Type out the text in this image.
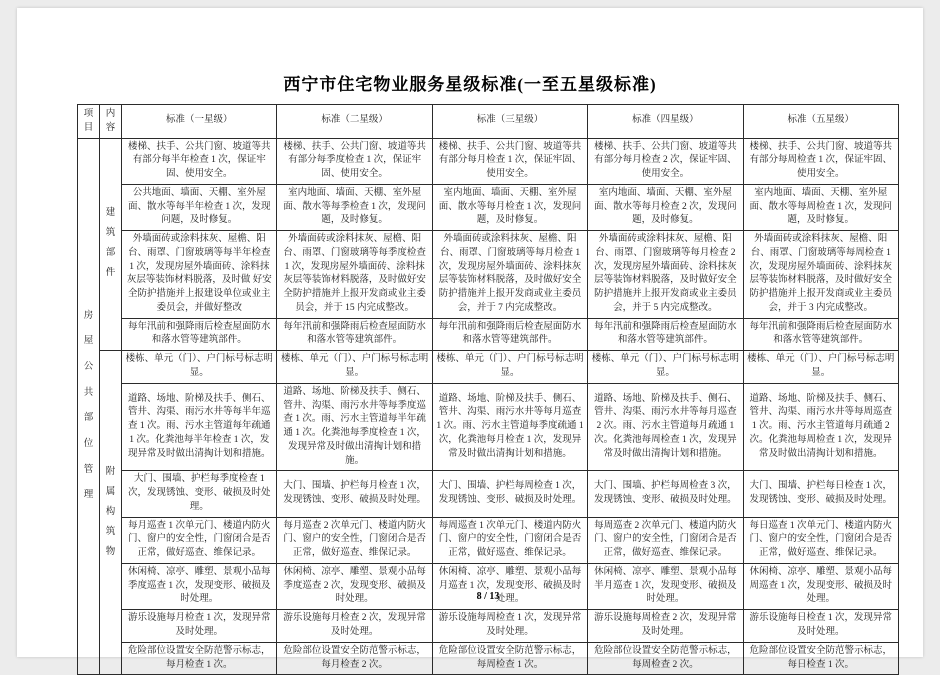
西宁市住宅物业服务星级标准(一至五星级标准)
项目	内容	标准（一星级）	标准（二星级）	标准（三星级）	标准（四星级）	标准（五星级）

房屋公共部位管理	建筑部件	楼梯、扶手、公共门窗、坡道等共有部分每半年检查 1 次，保证牢固、使用安全。	楼梯、扶手、公共门窗、坡道等共有部分每季度检查 1 次，保证牢固、使用安全。	楼梯、扶手、公共门窗、坡道等共有部分每月检查 1 次，保证牢固、使用安全。	楼梯、扶手、公共门窗、坡道等共有部分每月检查 2 次，保证牢固、使用安全。	楼梯、扶手、公共门窗、坡道等共有部分每周检查 1 次，保证牢固、使用安全。
		公共地面、墙面、天棚、室外屋面、散水等每半年检查 1 次，发现问题，及时修复。	室内地面、墙面、天棚、室外屋面、散水等每季检查 1 次，发现问题，及时修复。	室内地面、墙面、天棚、室外屋面、散水等每月检查 1 次，发现问题，及时修复。	室内地面、墙面、天棚、室外屋面、散水等每月检查 2 次，发现问题，及时修复。	室内地面、墙面、天棚、室外屋面、散水等每周检查 1 次，发现问题，及时修复。
		外墙面砖或涂料抹灰、屋檐、阳台、雨罩、门窗玻璃等每半年检查 1 次，发现房屋外墙面砖、涂料抹灰层等装饰材料脱落，及时做 好安全防护措施并上报建设单位或业主委员会，并做好整改	外墙面砖或涂料抹灰、屋檐、阳台、雨罩、门窗玻璃等每季度检查 1 次，发现房屋外墙面砖、涂料抹灰层等装饰材料脱落，及时做好安全防护措施并上报开发商或业主委员会，并于 15 内完成整改。	外墙面砖或涂料抹灰、屋檐、阳台、雨罩、门窗玻璃等每月检查 1 次，发现房屋外墙面砖、涂料抹灰层等装饰材料脱落，及时做好安全防护措施并上报开发商或业主委员会，并于 7 内完成整改。	外墙面砖或涂料抹灰、屋檐、阳台、雨罩、门窗玻璃等每月检查 2 次，发现房屋外墙面砖、涂料抹灰层等装饰材料脱落，及时做好安全防护措施并上报开发商或业主委员会，并于 5 内完成整改。	外墙面砖或涂料抹灰、屋檐、阳台、雨罩、门窗玻璃等每周检查 1 次，发现房屋外墙面砖、涂料抹灰层等装饰材料脱落，及时做好安全防护措施并上报开发商或业主委员会，并于 3 内完成整改。
		每年汛前和强降雨后检查屋面防水和落水管等建筑部件。	每年汛前和强降雨后检查屋面防水和落水管等建筑部件。	每年汛前和强降雨后检查屋面防水和落水管等建筑部件。	每年汛前和强降雨后检查屋面防水和落水管等建筑部件。	每年汛前和强降雨后检查屋面防水和落水管等建筑部件。

	附属构筑物	楼栋、单元（门）、户门标号标志明显。	楼栋、单元（门）、户门标号标志明显。	楼栋、单元（门）、户门标号标志明显。	楼栋、单元（门）、户门标号标志明显。	楼栋、单元（门）、户门标号标志明显。
		道路、场地、阶梯及扶手、侧石、管井、沟渠、雨污水井等每半年巡查 1 次。雨、污水主管道每年疏通 1 次。化粪池每半年检查 1 次，发现异常及时做出清掏计划和措施。	道路、场地、阶梯及扶手、侧石、管井、沟渠、雨污水井等每季度巡查 1 次。雨、污水主管道每半年疏通 1 次。化粪池每季度检查 1 次，发现异常及时做出清掏计划和措施。	道路、场地、阶梯及扶手、侧石、管井、沟渠、雨污水井等每月巡查 1 次。雨、污水主管道每季度疏通 1 次，化粪池每月检查 1 次，发现异常及时做出清掏计划和措施。	道路、场地、阶梯及扶手、侧石、管井、沟渠、雨污水井等每月巡查 2 次。雨、污水主管道每月疏通 1 次。化粪池每周检查 1 次，发现异常及时做出清掏计划和措施。	道路、场地、阶梯及扶手、侧石、管井、沟渠、雨污水井等每周巡查 1 次。雨、污水主管道每月疏通 2 次。化粪池每周检查 1 次，发现异常及时做出清掏计划和措施。
		大门、围墙、护栏每季度检查 1 次，发现锈蚀、变形、破损及时处理。	大门、围墙、护栏每月检查 1 次，发现锈蚀、变形、破损及时处理。	大门、围墙、护栏每周检查 1 次，发现锈蚀、变形、破损及时处理。	大门、围墙、护栏每周检查 3 次，发现锈蚀、变形、破损及时处理。	大门、围墙、护栏每日检查 1 次，发现锈蚀、变形、破损及时处理。
		每月巡查 1 次单元门、楼道内防火门、窗户的安全性，门窗闭合是否正常，做好巡查、维保记录。	每月巡查 2 次单元门、楼道内防火门、窗户的安全性，门窗闭合是否正常，做好巡查、维保记录。	每周巡查 1 次单元门、楼道内防火门、窗户的安全性，门窗闭合是否正常，做好巡查、维保记录。	每周巡查 2 次单元门、楼道内防火门、窗户的安全性，门窗闭合是否正常，做好巡查、维保记录。	每日巡查 1 次单元门、楼道内防火门、窗户的安全性，门窗闭合是否正常，做好巡查、维保记录。
		休闲椅、凉亭、雕塑、景观小品每季度巡查 1 次，发现变形、破损及时处理。	休闲椅、凉亭、雕塑、景观小品每季度巡查 2 次，发现变形、破损及时处理。	休闲椅、凉亭、雕塑、景观小品每月巡查 1 次，发现变形、破损及时处理。	休闲椅、凉亭、雕塑、景观小品每半月巡查 1 次，发现变形、破损及时处理。	休闲椅、凉亭、雕塑、景观小品每周巡查 1 次，发现变形、破损及时处理。
		游乐设施每月检查 1 次，发现异常及时处理。	游乐设施每月检查 2 次，发现异常及时处理。	游乐设施每周检查 1 次，发现异常及时处理。	游乐设施每周检查 2 次，发现异常及时处理。	游乐设施每日检查 1 次，发现异常及时处理。
		危险部位设置安全防范警示标志，每月检查 1 次。	危险部位设置安全防范警示标志，每月检查 2 次。	危险部位设置安全防范警示标志，每周检查 1 次。	危险部位设置安全防范警示标志，每周检查 2 次。	危险部位设置安全防范警示标志，每日检查 1 次。
8 / 13
